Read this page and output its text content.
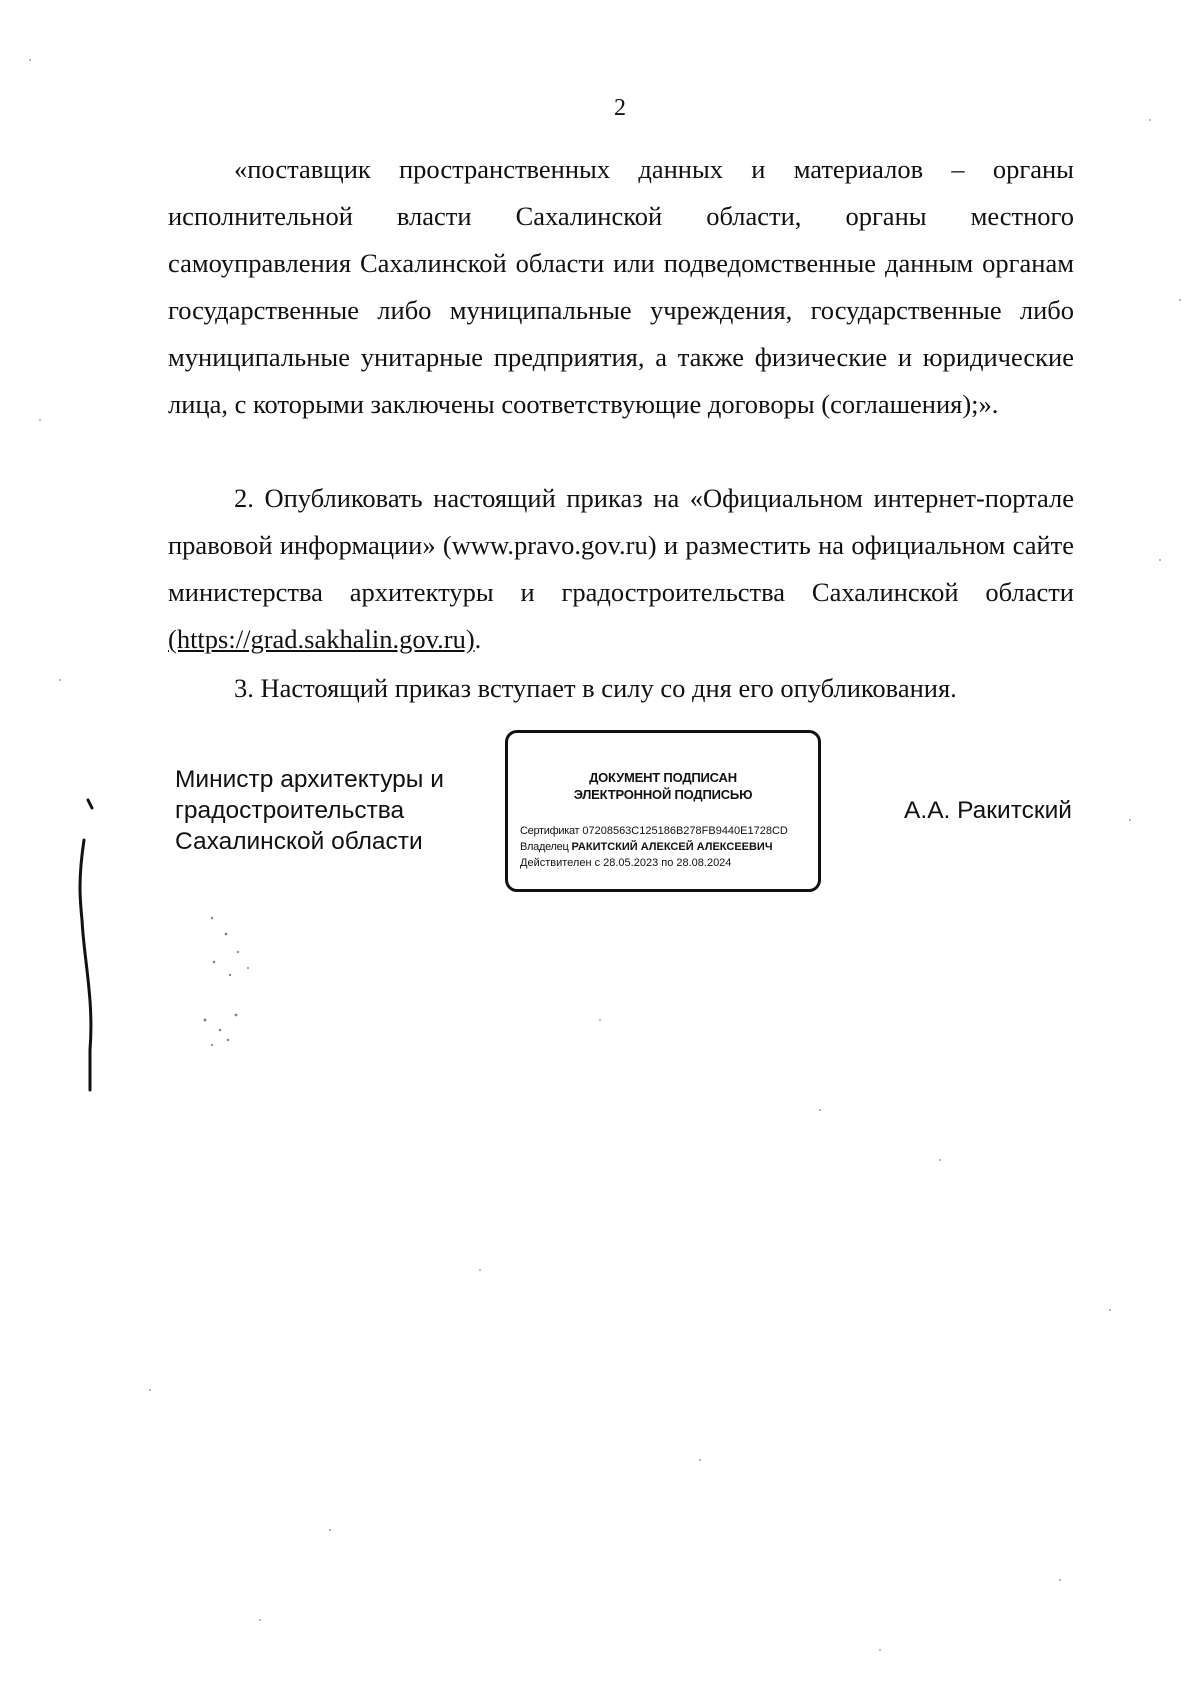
2

«поставщик пространственных данных и материалов – органы исполнительной власти Сахалинской области, органы местного самоуправления Сахалинской области или подведомственные данным органам государственные либо муниципальные учреждения, государственные либо муниципальные унитарные предприятия, а также физические и юридические лица, с которыми заключены соответствующие договоры (соглашения);».

2. Опубликовать настоящий приказ на «Официальном интернет-портале правовой информации» (www.pravo.gov.ru) и разместить на официальном сайте министерства архитектуры и градостроительства Сахалинской области (https://grad.sakhalin.gov.ru).

3. Настоящий приказ вступает в силу со дня его опубликования.

Министр архитектуры и
градостроительства
Сахалинской области
ДОКУМЕНТ ПОДПИСАН
ЭЛЕКТРОННОЙ ПОДПИСЬЮ
Сертификат 07208563C125186B278FB9440E1728CD
Владелец РАКИТСКИЙ АЛЕКСЕЙ АЛЕКСЕЕВИЧ
Действителен с 28.05.2023 по 28.08.2024
А.А. Ракитский
